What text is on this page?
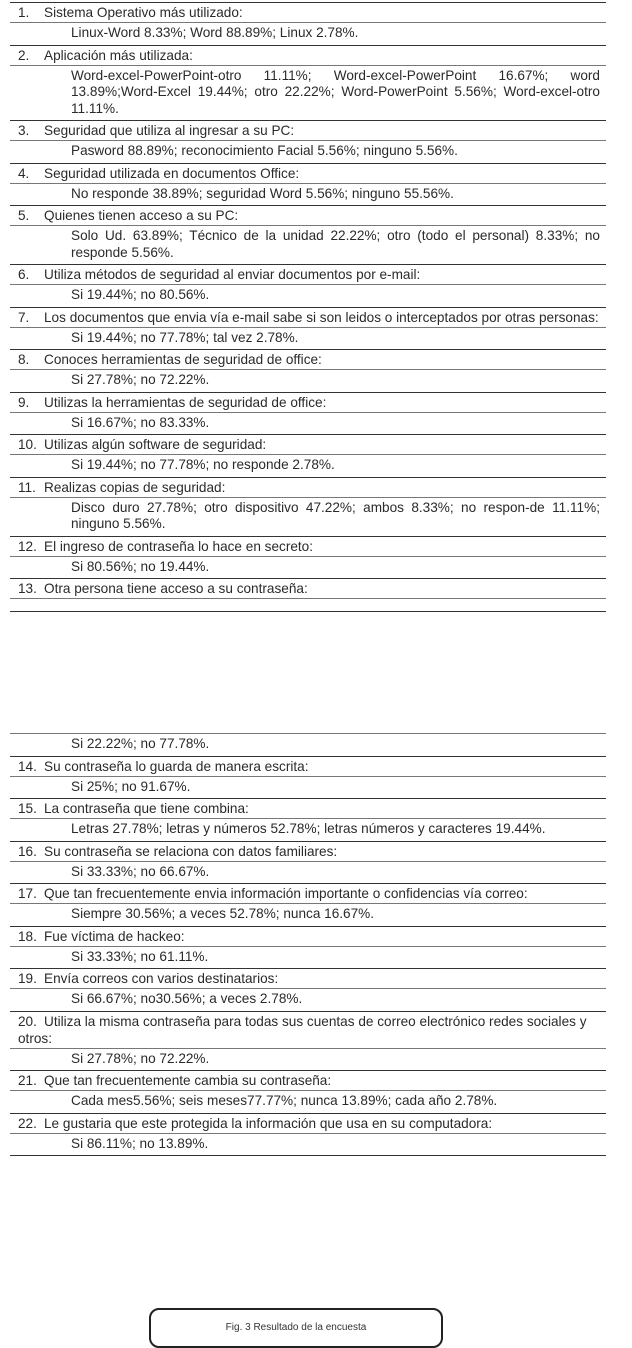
1. Sistema Operativo más utilizado:
Linux-Word 8.33%; Word 88.89%; Linux 2.78%.
2. Aplicación más utilizada:
Word-excel-PowerPoint-otro 11.11%; Word-excel-PowerPoint 16.67%; word 13.89%;Word-Excel 19.44%; otro 22.22%; Word-PowerPoint 5.56%; Word-excel-otro 11.11%.
3. Seguridad que utiliza al ingresar a su PC:
Pasword 88.89%; reconocimiento Facial 5.56%; ninguno 5.56%.
4. Seguridad utilizada en documentos Office:
No responde 38.89%; seguridad Word 5.56%; ninguno 55.56%.
5. Quienes tienen acceso a su PC:
Solo Ud. 63.89%; Técnico de la unidad 22.22%; otro (todo el personal) 8.33%; no responde 5.56%.
6. Utiliza métodos de seguridad al enviar documentos por e-mail:
Si 19.44%; no 80.56%.
7. Los documentos que envia vía e-mail sabe si son leidos o interceptados por otras personas:
Si 19.44%; no 77.78%; tal vez 2.78%.
8. Conoces herramientas de seguridad de office:
Si 27.78%; no 72.22%.
9. Utilizas la herramientas de seguridad de office:
Si 16.67%; no 83.33%.
10. Utilizas algún software de seguridad:
Si 19.44%; no 77.78%; no responde 2.78%.
11. Realizas copias de seguridad:
Disco duro 27.78%; otro dispositivo 47.22%; ambos 8.33%; no respon-de 11.11%; ninguno 5.56%.
12. El ingreso de contraseña lo hace en secreto:
Si 80.56%; no 19.44%.
13. Otra persona tiene acceso a su contraseña:
Si 22.22%; no 77.78%.
14. Su contraseña lo guarda de manera escrita:
Si 25%; no 91.67%.
15. La contraseña que tiene combina:
Letras 27.78%; letras y números 52.78%; letras números y caracteres 19.44%.
16. Su contraseña se relaciona con datos familiares:
Si 33.33%; no 66.67%.
17. Que tan frecuentemente envia información importante o confidencias vía correo:
Siempre 30.56%; a veces 52.78%; nunca 16.67%.
18. Fue víctima de hackeo:
Si 33.33%; no 61.11%.
19. Envía correos con varios destinatarios:
Si 66.67%; no30.56%; a veces 2.78%.
20. Utiliza la misma contraseña para todas sus cuentas de correo electrónico redes sociales y otros:
Si 27.78%; no 72.22%.
21. Que tan frecuentemente cambia su contraseña:
Cada mes5.56%; seis meses77.77%; nunca 13.89%; cada año 2.78%.
22. Le gustaria que este protegida la información que usa en su computadora:
Si 86.11%; no 13.89%.
Fig. 3 Resultado de la encuesta
